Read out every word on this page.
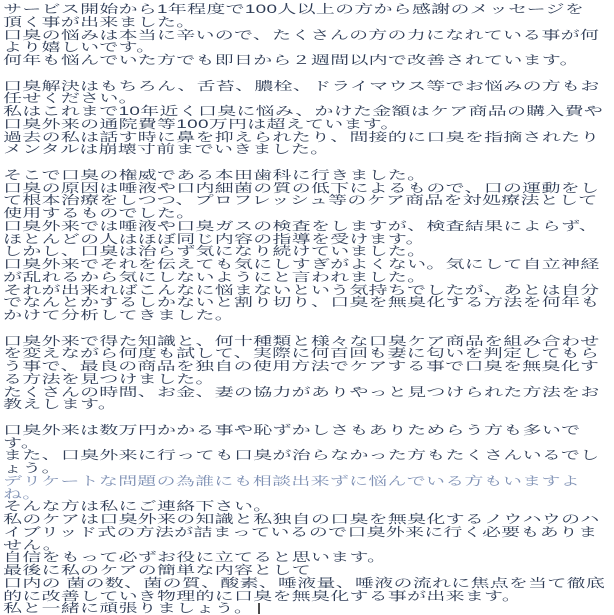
サービス開始から1年程度で100人以上の方から感謝のメッセージを
頂く事が出来ました。
口臭の悩みは本当に辛いので、たくさんの方の力になれている事が何
より嬉しいです。
何年も悩んでいた方でも即日から２週間以内で改善されています。
口臭解決はもちろん、舌苔、膿栓、ドライマウス等でお悩みの方もお
任せください。
私はこれまで10年近く口臭に悩み、かけた金額はケア商品の購入費や
口臭外来の通院費等100万円は超えています。
過去の私は話す時に鼻を抑えられたり、間接的に口臭を指摘されたり
メンタルは崩壊寸前までいきました。
そこで口臭の権威である本田歯科に行きました。
口臭の原因は唾液や口内細菌の質の低下によるもので、口の運動をし
て根本治療をしつつ、プロフレッシュ等のケア商品を対処療法として
使用するものでした。
口臭外来では唾液や口臭ガスの検査をしますが、検査結果によらず、
ほとんどの人はほぼ同じ内容の指導を受けます。
しかし、口臭は治らず気になり続けていました。
口臭外来でそれを伝えても気にしすぎがよくない。気にして自立神経
が乱れるから気にしないようにと言われました。
それが出来ればこんなに悩まないという気持ちでしたが、あとは自分
でなんとかするしかないと割り切り、口臭を無臭化する方法を何年も
かけて分析してきました。
口臭外来で得た知識と、何十種類と様々な口臭ケア商品を組み合わせ
を変えながら何度も試して、実際に何百回も妻に匂いを判定してもら
う事で、最良の商品を独自の使用方法でケアする事で口臭を無臭化す
る方法を見つけました。
たくさんの時間、お金、妻の協力がありやっと見つけられた方法をお
教えします。
口臭外来は数万円かかる事や恥ずかしさもありためらう方も多いで
す。
また、口臭外来に行っても口臭が治らなかった方もたくさんいるでし
ょう。
デリケートな問題の為誰にも相談出来ずに悩んでいる方もいますよ
ね。
そんな方は私にご連絡下さい。
私のケアは口臭外来の知識と私独自の口臭を無臭化するノウハウのハ
イブリッド式の方法が詰まっているので口臭外来に行く必要もありま
せん。
自信をもって必ずお役に立てると思います。
最後に私のケアの簡単な内容として
口内の 菌の数、菌の質、酸素、唾液量、唾液の流れに焦点を当て徹底
的に改善していき物理的に口臭を無臭化する事が出来ます。
私と一緒に頑張りましょう。
